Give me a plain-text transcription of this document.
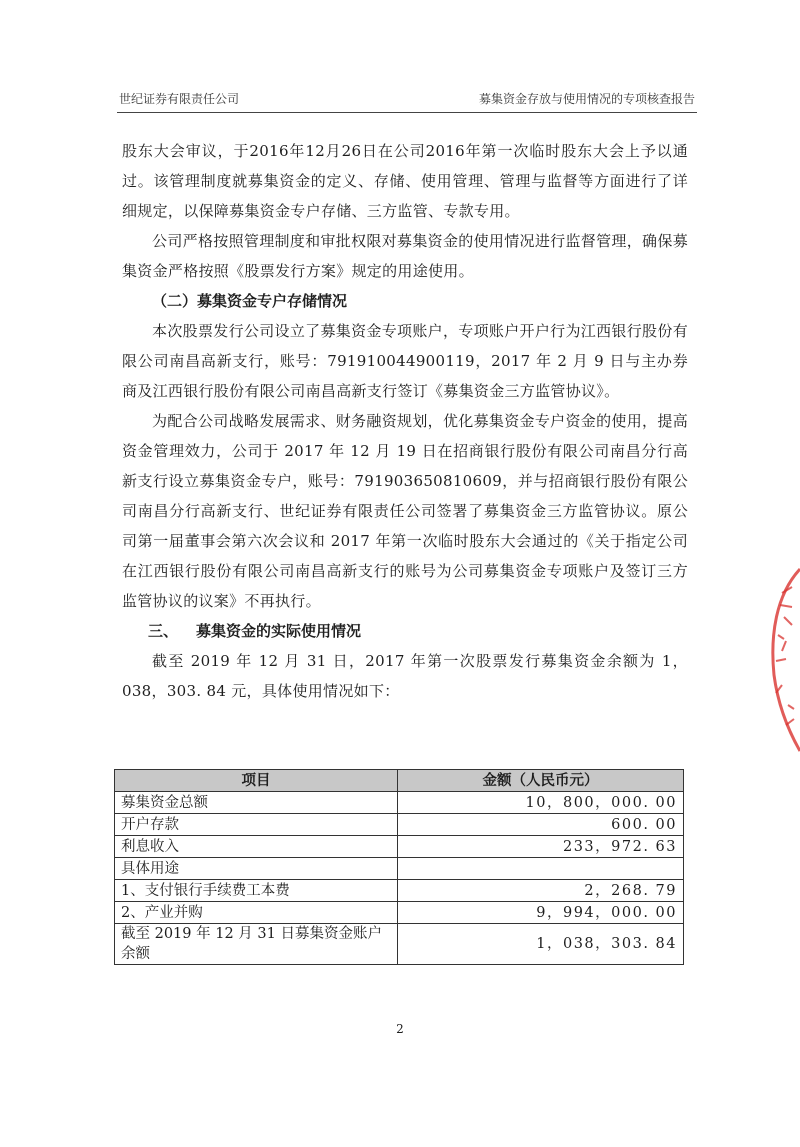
世纪证券有限责任公司	募集资金存放与使用情况的专项核查报告

股东大会审议，于2016年12月26日在公司2016年第一次临时股东大会上予以通过。该管理制度就募集资金的定义、存储、使用管理、管理与监督等方面进行了详细规定，以保障募集资金专户存储、三方监管、专款专用。

公司严格按照管理制度和审批权限对募集资金的使用情况进行监督管理，确保募集资金严格按照《股票发行方案》规定的用途使用。

（二）募集资金专户存储情况

本次股票发行公司设立了募集资金专项账户，专项账户开户行为江西银行股份有限公司南昌高新支行，账号：791910044900119，2017 年 2 月 9 日与主办券商及江西银行股份有限公司南昌高新支行签订《募集资金三方监管协议》。

为配合公司战略发展需求、财务融资规划，优化募集资金专户资金的使用，提高资金管理效力，公司于 2017 年 12 月 19 日在招商银行股份有限公司南昌分行高新支行设立募集资金专户，账号：791903650810609，并与招商银行股份有限公司南昌分行高新支行、世纪证券有限责任公司签署了募集资金三方监管协议。原公司第一届董事会第六次会议和 2017 年第一次临时股东大会通过的《关于指定公司在江西银行股份有限公司南昌高新支行的账号为公司募集资金专项账户及签订三方监管协议的议案》不再执行。

三、 募集资金的实际使用情况

截至 2019 年 12 月 31 日，2017 年第一次股票发行募集资金余额为 1，038，303. 84 元，具体使用情况如下：

项目	金额（人民币元）
募集资金总额	10，800，000. 00
开户存款	600. 00
利息收入	233，972. 63
具体用途	
1、支付银行手续费工本费	2，268. 79
2、产业并购	9，994，000. 00
截至 2019 年 12 月 31 日募集资金账户余额	1，038，303. 84
2
